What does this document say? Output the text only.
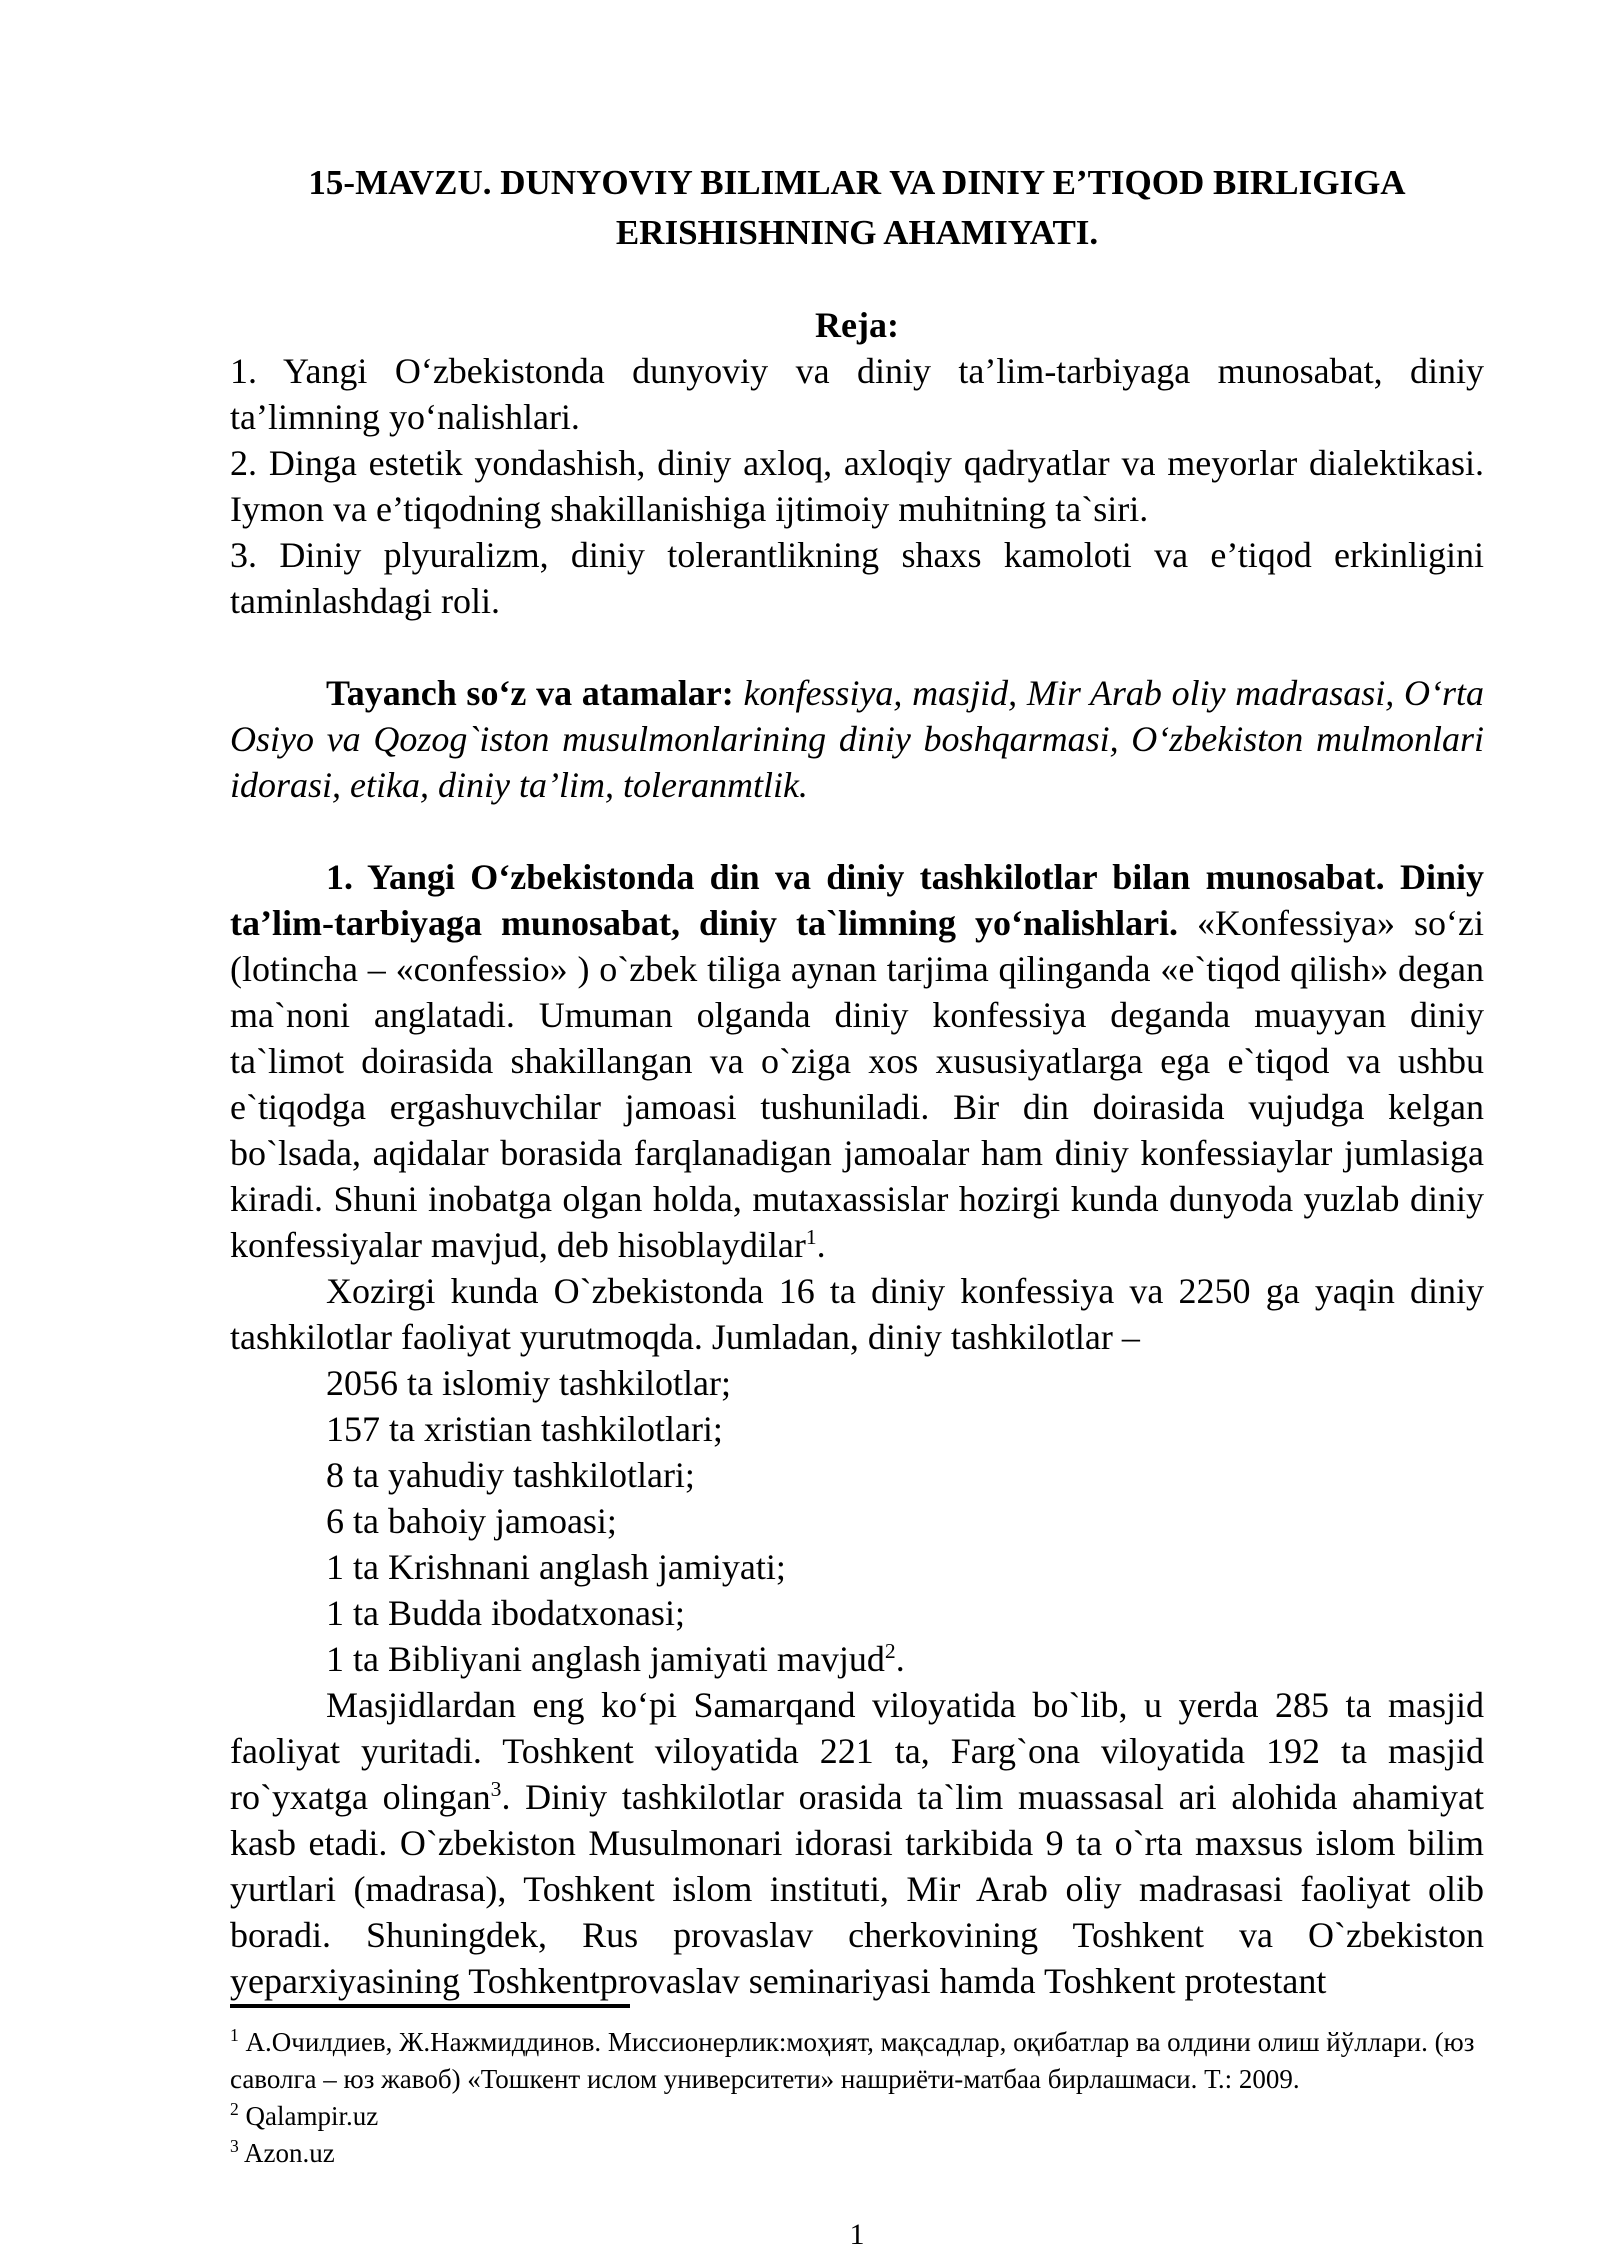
15-MAVZU. DUNYOVIY BILIMLAR VA DINIY E’TIQOD BIRLIGIGA
ERISHISHNING AHAMIYATI.

Reja:

1. Yangi O‘zbekistonda dunyoviy va diniy ta’lim-tarbiyaga munosabat, diniy ta’limning yo‘nalishlari.

2. Dinga estetik yondashish, diniy axloq, axloqiy qadryatlar va meyorlar dialektikasi. Iymon va e’tiqodning shakillanishiga ijtimoiy muhitning ta`siri.

3. Diniy plyuralizm, diniy tolerantlikning shaxs kamoloti va e’tiqod erkinligini taminlashdagi roli.

Tayanch so‘z va atamalar: konfessiya, masjid, Mir Arab oliy madrasasi, O‘rta Osiyo va Qozog`iston musulmonlarining diniy boshqarmasi, O‘zbekiston mulmonlari idorasi, etika, diniy ta’lim, toleranmtlik.

1. Yangi O‘zbekistonda din va diniy tashkilotlar bilan munosabat. Diniy ta’lim-tarbiyaga munosabat, diniy ta`limning yo‘nalishlari. «Konfessiya» so‘zi (lotincha – «confessio» ) o`zbek tiliga aynan tarjima qilinganda «e`tiqod qilish» degan ma`noni anglatadi. Umuman olganda diniy konfessiya deganda muayyan diniy ta`limot doirasida shakillangan va o`ziga xos xususiyatlarga ega e`tiqod va ushbu e`tiqodga ergashuvchilar jamoasi tushuniladi. Bir din doirasida vujudga kelgan bo`lsada, aqidalar borasida farqlanadigan jamoalar ham diniy konfessiaylar jumlasiga kiradi. Shuni inobatga olgan holda, mutaxassislar hozirgi kunda dunyoda yuzlab diniy konfessiyalar mavjud, deb hisoblaydilar$^1$.

Xozirgi kunda O`zbekistonda 16 ta diniy konfessiya va 2250 ga yaqin diniy tashkilotlar faoliyat yurutmoqda. Jumladan, diniy tashkilotlar –

2056 ta islomiy tashkilotlar;

157 ta xristian tashkilotlari;

8 ta yahudiy tashkilotlari;

6 ta bahoiy jamoasi;

1 ta Krishnani anglash jamiyati;

1 ta Budda ibodatxonasi;

1 ta Bibliyani anglash jamiyati mavjud$^2$.

Masjidlardan eng ko‘pi Samarqand viloyatida bo`lib, u yerda 285 ta masjid faoliyat yuritadi. Toshkent viloyatida 221 ta, Farg`ona viloyatida 192 ta masjid ro`yxatga olingan$^3$. Diniy tashkilotlar orasida ta`lim muassasal ari alohida ahamiyat kasb etadi. O`zbekiston Musulmonari idorasi tarkibida 9 ta o`rta maxsus islom bilim yurtlari (madrasa), Toshkent islom instituti, Mir Arab oliy madrasasi faoliyat olib boradi. Shuningdek, Rus provaslav cherkovining Toshkent va O`zbekiston yeparxiyasining Toshkentprovaslav seminariyasi hamda Toshkent protestant

$^1$ А.Очилдиев, Ж.Нажмиддинов. Миссионерлик:моҳият, мақсадлар, оқибатлар ва олдини олиш йўллари. (юз саволга – юз жавоб) «Тошкент ислом университети» нашриёти-матбаа бирлашмаси. Т.: 2009.
$^2$ Qalampir.uz
$^3$ Azon.uz
1
